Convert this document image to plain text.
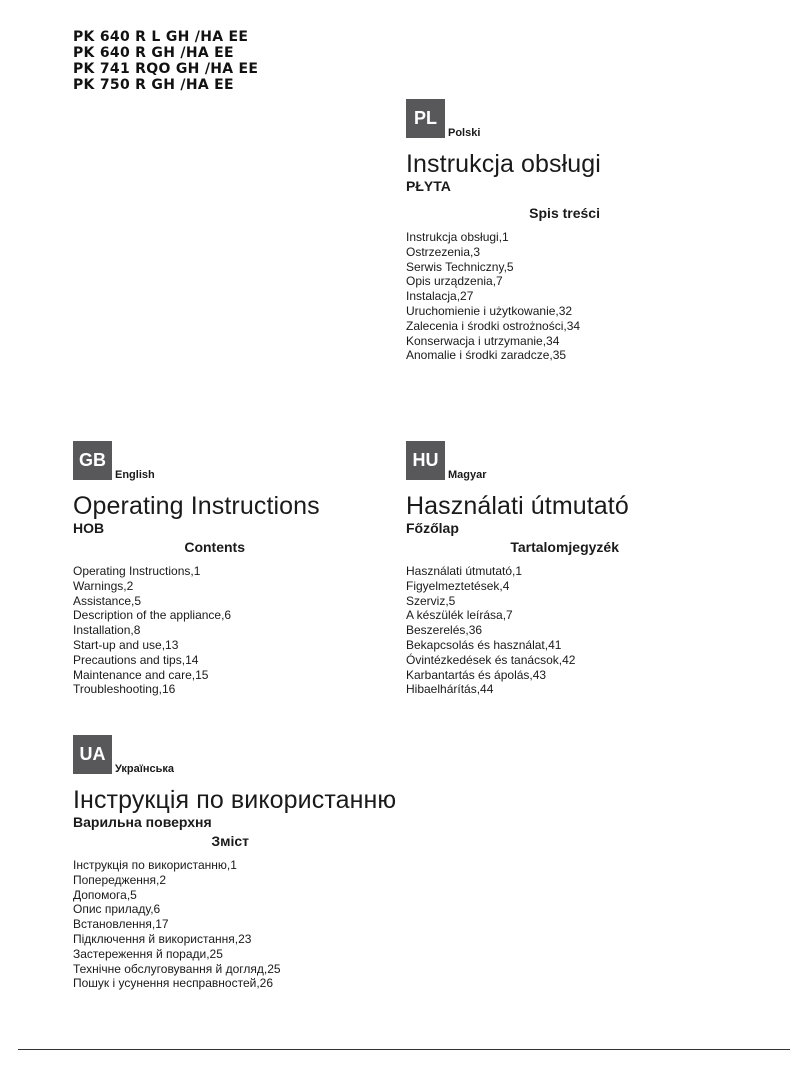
PK 640 R L GH /HA EE
PK 640 R GH /HA EE
PK 741 RQO GH /HA EE
PK 750 R GH /HA EE
PL
Polski
Instrukcja obsługi

PŁYTA

Spis treści

Instrukcja obsługi,1
Ostrzezenia,3
Serwis Techniczny,5
Opis urządzenia,7
Instalacja,27
Uruchomienie i użytkowanie,32
Zalecenia i środki ostrożności,34
Konserwacja i utrzymanie,34
Anomalie i środki zaradcze,35
GB
English
Operating Instructions

HOB

Contents

Operating Instructions,1
Warnings,2
Assistance,5
Description of the appliance,6
Installation,8
Start-up and use,13
Precautions and tips,14
Maintenance and care,15
Troubleshooting,16
HU
Magyar
Használati útmutató

Főzőlap

Tartalomjegyzék

Használati útmutató,1
Figyelmeztetések,4
Szerviz,5
A készülék leírása,7
Beszerelés,36
Bekapcsolás és használat,41
Óvintézkedések és tanácsok,42
Karbantartás és ápolás,43
Hibaelhárítás,44
UA
Українська
Інструкція по використанню

Варильна поверхня

Зміст

Інструкція по використанню,1
Попередження,2
Допомога,5
Опис приладу,6
Встановлення,17
Підключення й використання,23
Застереження й поради,25
Технічне обслуговування й догляд,25
Пошук і усунення несправностей,26
